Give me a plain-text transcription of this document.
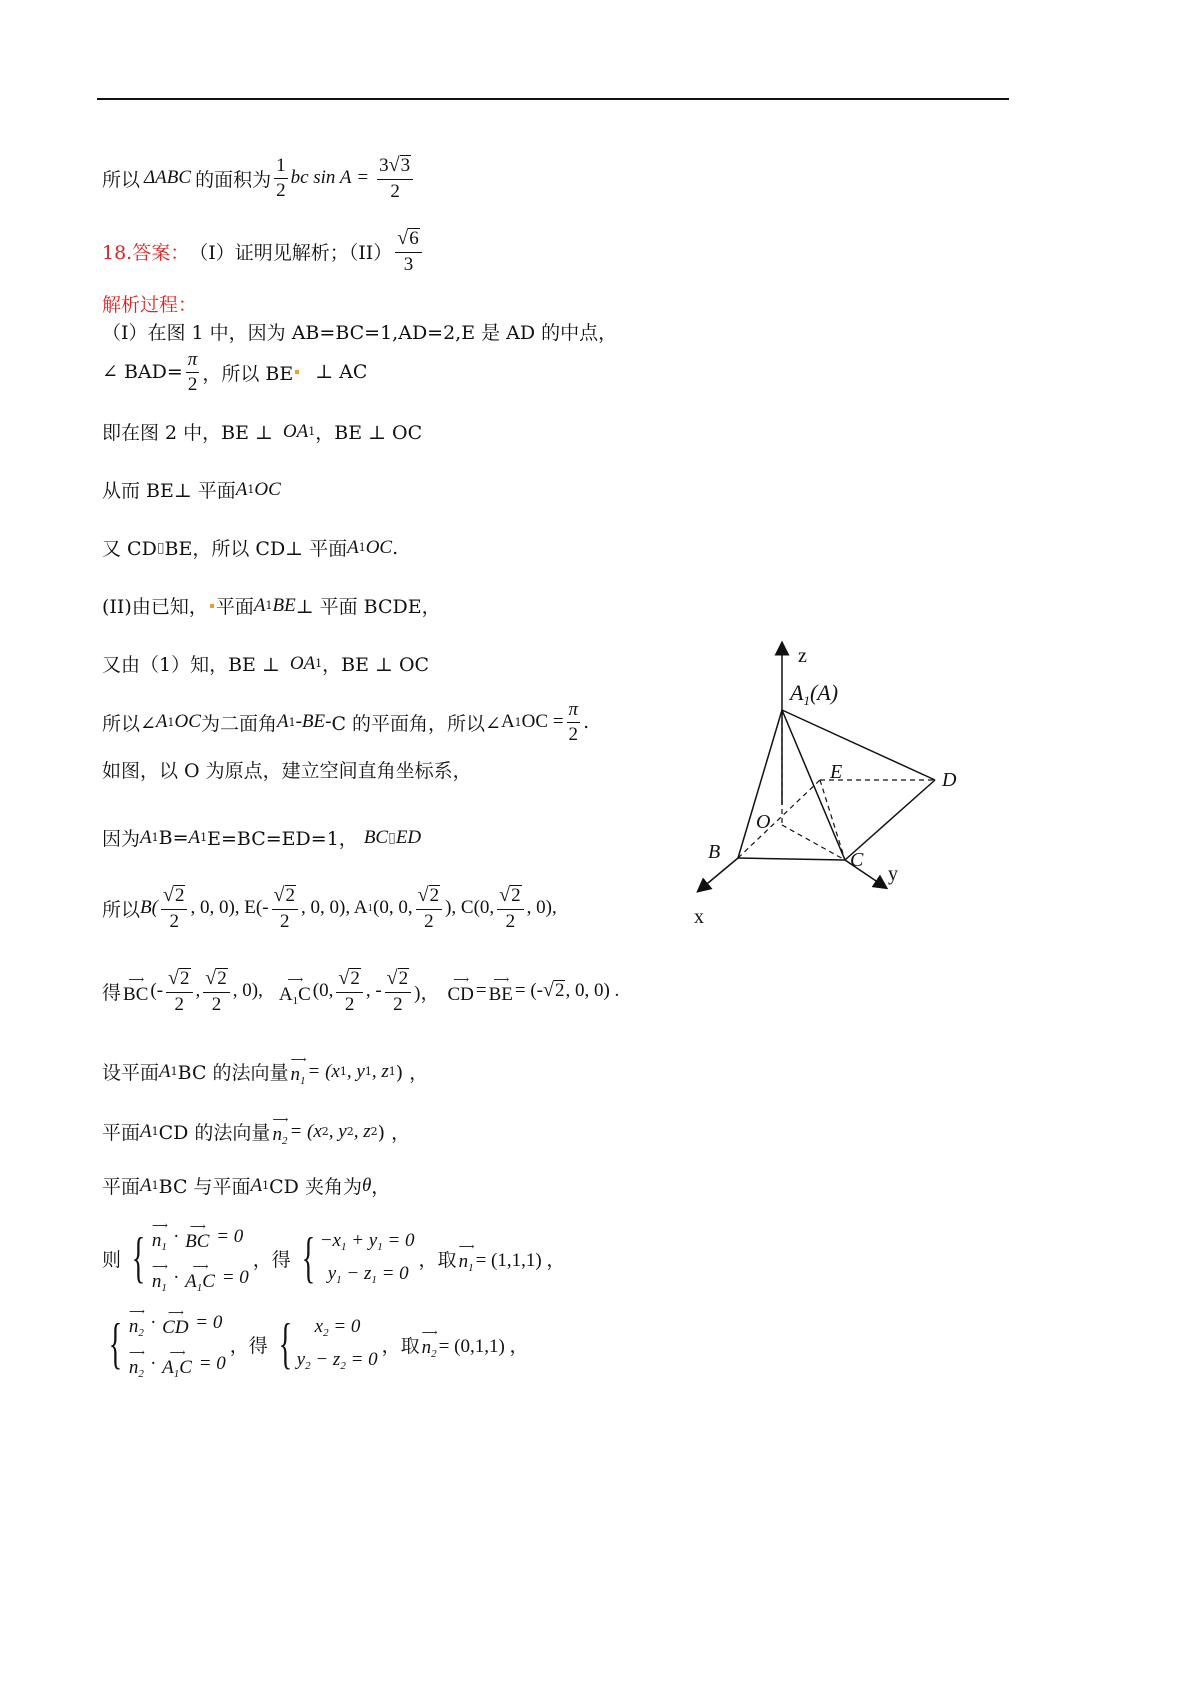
所以 ΔABC 的面积为 $\frac{1}{2}$ bc $\sin A = \frac{3 √ 3}{2}$
18.答案： （I）证明见解析；$(II) \frac{√ 6}{3}$
解析过程：
（I）在图 1 中，因为 AB=BC=1,AD=2,E 是 AD 的中点，
∠ $BAD= \frac{\pi}{2}$ ，所以 BE ⊥ AC
即在图 2 中，BE ⊥ OA 1 ，BE ⊥ OC
从而 BE⊥ 平面 A 1 OC
又 CD ▯ BE，所以 CD⊥ 平面 A 1 OC .
(II)由已知， 平面 A 1 BE ⊥ 平面 BCDE，
又由（1）知，BE ⊥ OA 1 ，BE ⊥ OC
所以∠ A 1 OC 为二面角 A 1 -BE- C 的平面角，所以∠ A 1 OC = $\frac{\pi}{2}$ .
如图，以 O 为原点，建立空间直角坐标系，
因为 A 1 B= A 1 E=BC=ED=1， BC ▯ ED
所以 $B( \frac{√ 2}{2}$ , 0, 0), $E(- \frac{√ 2}{2}$ , 0, 0), A 1 (0, 0, $\frac{√ 2}{2}$ ), C(0, $\frac{√ 2}{2}$ , 0),
得
⟶
BC (- $\frac{√ 2}{2}$ , $\frac{√ 2}{2}$ , 0),
⟶
$A_1C$ (0, $\frac{√ 2}{2}$ , - $\frac{√ 2}{2}$ )，
⟶
CD = ⟶
BE = (- √ 2 , 0, 0) .
设平面 A 1 BC 的法向量
⟶
$n_1 = (x$ 1 , y 1 , z 1 ) ，
平面 A 1 CD 的法向量
⟶
$n_2 = (x$ 2 , y 2 , z 2 ) ，
平面 A 1 BC 与平面 A 1 CD 夹角为 θ ，
则 {
⟶
$n_1$
· ⟶
BC = 0
⟶
$n_1$
· ⟶
$A_1C = 0$
，得 { $-x_1 + y_1 = 0$
$y_1 - z_1 = 0$
，取
⟶
$n_1 = (1,1,1)$ ，
{
⟶
$n_2$
· ⟶
CD = 0
⟶
$n_2$
· ⟶
$A_1C = 0$
，得 {	$x_2 = 0$
$y_2 - z_2 = 0$
，取
⟶
$n_2 = (0,1,1)$ ，
z
$A_1(A)$
E	D
O
B	C
y
x
